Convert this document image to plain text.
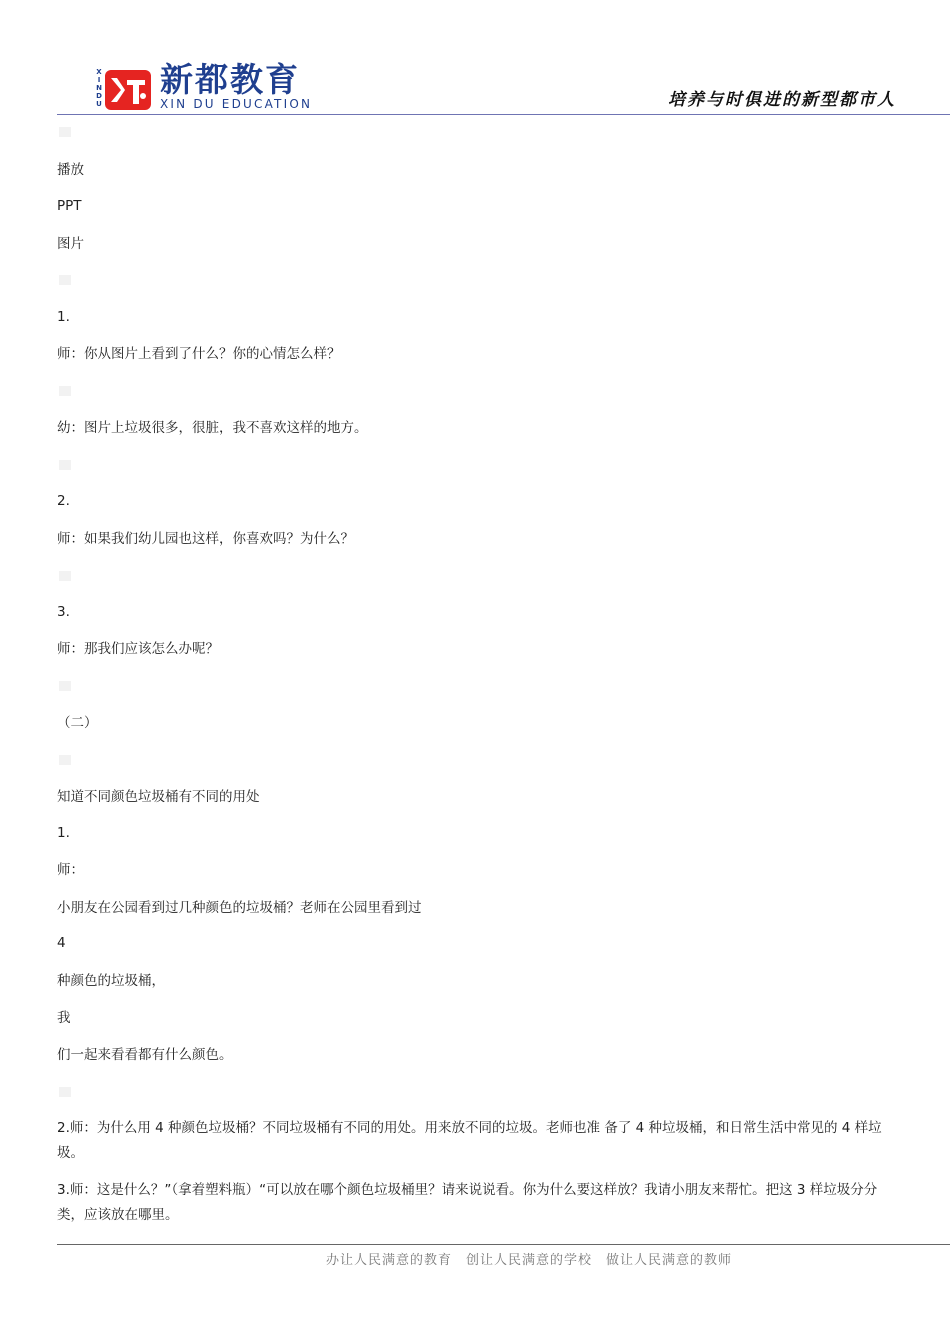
X
I
N
D
U
新都教育
XIN DU EDUCATION	培养与时俱进的新型都市人
播放
PPT
图片
1.
师：你从图片上看到了什么？你的心情怎么样？
幼：图片上垃圾很多，很脏，我不喜欢这样的地方。
2.
师：如果我们幼儿园也这样，你喜欢吗？为什么？
3.
师：那我们应该怎么办呢？
（二）
知道不同颜色垃圾桶有不同的用处
1.
师：
小朋友在公园看到过几种颜色的垃圾桶？老师在公园里看到过
4
种颜色的垃圾桶，
我
们一起来看看都有什么颜色。
2.师：为什么用 4 种颜色垃圾桶？不同垃圾桶有不同的用处。用来放不同的垃圾。老师也准 备了 4 种垃圾桶，和日常生活中常见的 4 样垃圾。
3.师：这是什么？”（拿着塑料瓶）“可以放在哪个颜色垃圾桶里？请来说说看。你为什么要这样放？我请小朋友来帮忙。把这 3 样垃圾分分类，应该放在哪里。
办让人民满意的教育　创让人民满意的学校　做让人民满意的教师
